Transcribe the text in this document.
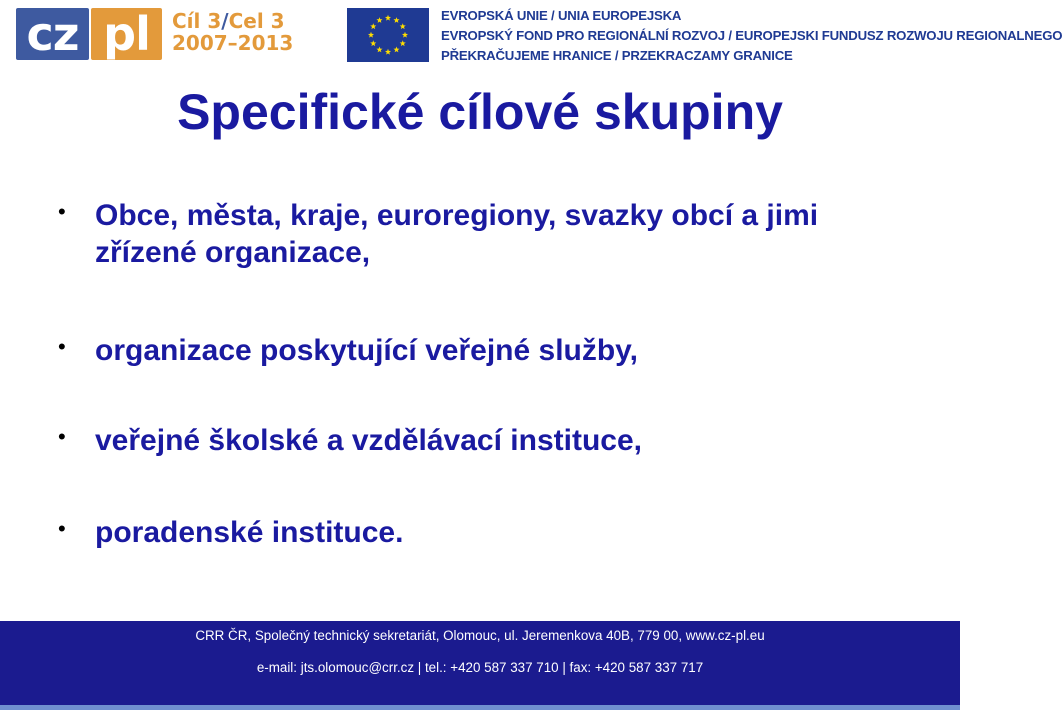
cz pl	Cíl 3/Cel 3
2007–2013
EVROPSKÁ UNIE / UNIA EUROPEJSKA
EVROPSKÝ FOND PRO REGIONÁLNÍ ROZVOJ / EUROPEJSKI FUNDUSZ ROZWOJU REGIONALNEGO
PŘEKRAČUJEME HRANICE / PRZEKRACZAMY GRANICE
Specifické cílové skupiny
• Obce, města, kraje, euroregiony, svazky obcí a jimi zřízené organizace,
• organizace poskytující veřejné služby,
• veřejné školské a vzdělávací instituce,
• poradenské instituce.
CRR ČR, Společný technický sekretariát, Olomouc, ul. Jeremenkova 40B, 779 00, www.cz-pl.eu
e-mail: jts.olomouc@crr.cz | tel.: +420 587 337 710 | fax: +420 587 337 717
